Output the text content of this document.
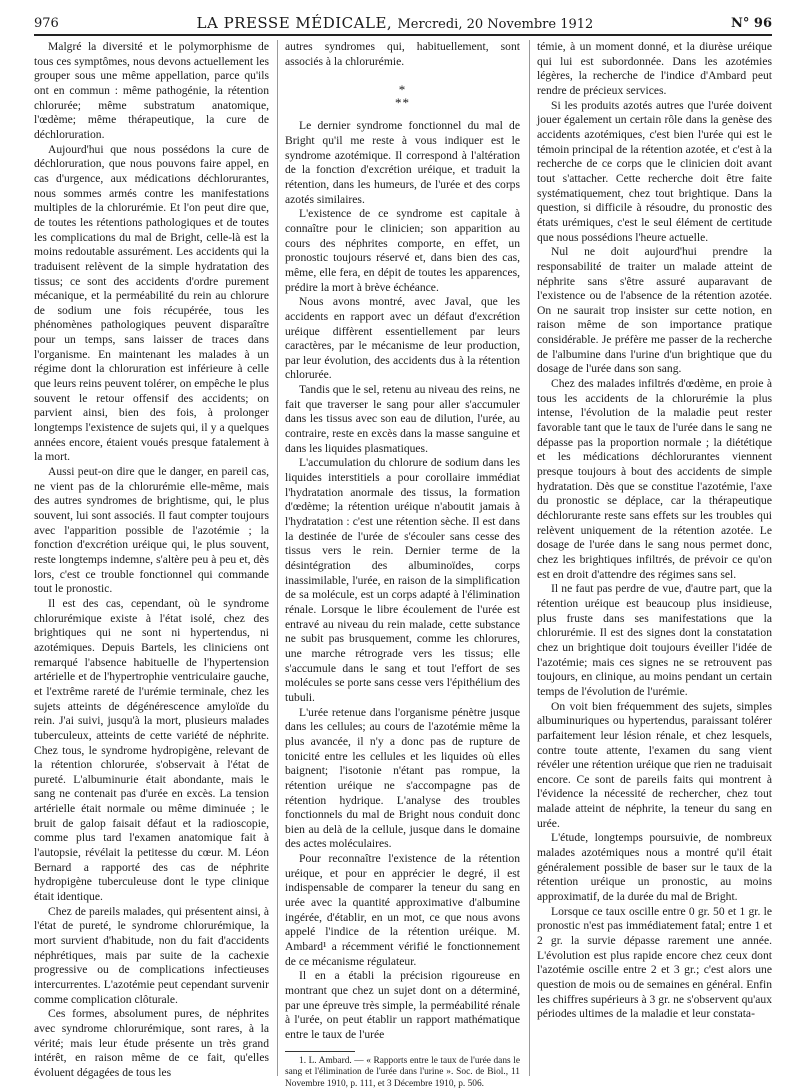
976	LA PRESSE MÉDICALE, Mercredi, 20 Novembre 1912	N° 96

Malgré la diversité et le polymorphisme de tous ces symptômes, nous devons actuellement les grouper sous une même appellation, parce qu'ils ont en commun : même pathogénie, la rétention chlorurée; même substratum anatomique, l'œdème; même thérapeutique, la cure de déchloruration.

Aujourd'hui que nous possédons la cure de déchloruration, que nous pouvons faire appel, en cas d'urgence, aux médications déchlorurantes, nous sommes armés contre les manifestations multiples de la chlorurémie. Et l'on peut dire que, de toutes les rétentions pathologiques et de toutes les complications du mal de Bright, celle-là est la moins redoutable assurément. Les accidents qui la traduisent relèvent de la simple hydratation des tissus; ce sont des accidents d'ordre purement mécanique, et la perméabilité du rein au chlorure de sodium une fois récupérée, tous les phénomènes pathologiques peuvent disparaître pour un temps, sans laisser de traces dans l'organisme. En maintenant les malades à un régime dont la chloruration est inférieure à celle que leurs reins peuvent tolérer, on empêche le plus souvent le retour offensif des accidents; on parvient ainsi, bien des fois, à prolonger longtemps l'existence de sujets qui, il y a quelques années encore, étaient voués presque fatalement à la mort.

Aussi peut-on dire que le danger, en pareil cas, ne vient pas de la chlorurémie elle-même, mais des autres syndromes de brightisme, qui, le plus souvent, lui sont associés. Il faut compter toujours avec l'apparition possible de l'azotémie ; la fonction d'excrétion uréique qui, le plus souvent, reste longtemps indemne, s'altère peu à peu et, dès lors, c'est ce trouble fonctionnel qui commande tout le pronostic.

Il est des cas, cependant, où le syndrome chlorurémique existe à l'état isolé, chez des brightiques qui ne sont ni hypertendus, ni azotémiques. Depuis Bartels, les cliniciens ont remarqué l'absence habituelle de l'hypertension artérielle et de l'hypertrophie ventriculaire gauche, et l'extrême rareté de l'urémie terminale, chez les sujets atteints de dégénérescence amyloïde du rein. J'ai suivi, jusqu'à la mort, plusieurs malades tuberculeux, atteints de cette variété de néphrite. Chez tous, le syndrome hydropigène, relevant de la rétention chlorurée, s'observait à l'état de pureté. L'albuminurie était abondante, mais le sang ne contenait pas d'urée en excès. La tension artérielle était normale ou même diminuée ; le bruit de galop faisait défaut et la radioscopie, comme plus tard l'examen anatomique fait à l'autopsie, révélait la petitesse du cœur. M. Léon Bernard a rapporté des cas de néphrite hydropigène tuberculeuse dont le type clinique était identique.

Chez de pareils malades, qui présentent ainsi, à l'état de pureté, le syndrome chlorurémique, la mort survient d'habitude, non du fait d'accidents néphrétiques, mais par suite de la cachexie progressive ou de complications infectieuses intercurrentes. L'azotémie peut cependant survenir comme complication clôturale.

Ces formes, absolument pures, de néphrites avec syndrome chlorurémique, sont rares, à la vérité; mais leur étude présente un très grand intérêt, en raison même de ce fait, qu'elles évoluent dégagées de tous les

autres syndromes qui, habituellement, sont associés à la chlorurémie.

*
**

Le dernier syndrome fonctionnel du mal de Bright qu'il me reste à vous indiquer est le syndrome azotémique. Il correspond à l'altération de la fonction d'excrétion uréique, et traduit la rétention, dans les humeurs, de l'urée et des corps azotés similaires.

L'existence de ce syndrome est capitale à connaître pour le clinicien; son apparition au cours des néphrites comporte, en effet, un pronostic toujours réservé et, dans bien des cas, même, elle fera, en dépit de toutes les apparences, prédire la mort à brève échéance.

Nous avons montré, avec Javal, que les accidents en rapport avec un défaut d'excrétion uréique diffèrent essentiellement par leurs caractères, par le mécanisme de leur production, par leur évolution, des accidents dus à la rétention chlorurée.

Tandis que le sel, retenu au niveau des reins, ne fait que traverser le sang pour aller s'accumuler dans les tissus avec son eau de dilution, l'urée, au contraire, reste en excès dans la masse sanguine et dans les liquides plasmatiques.

L'accumulation du chlorure de sodium dans les liquides interstitiels a pour corollaire immédiat l'hydratation anormale des tissus, la formation d'œdème; la rétention uréique n'aboutit jamais à l'hydratation : c'est une rétention sèche. Il est dans la destinée de l'urée de s'écouler sans cesse des tissus vers le rein. Dernier terme de la désintégration des albuminoïdes, corps inassimilable, l'urée, en raison de la simplification de sa molécule, est un corps adapté à l'élimination rénale. Lorsque le libre écoulement de l'urée est entravé au niveau du rein malade, cette substance ne subit pas brusquement, comme les chlorures, une marche rétrograde vers les tissus; elle s'accumule dans le sang et tout l'effort de ses molécules se porte sans cesse vers l'épithélium des tubuli.

L'urée retenue dans l'organisme pénètre jusque dans les cellules; au cours de l'azotémie même la plus avancée, il n'y a donc pas de rupture de tonicité entre les cellules et les liquides où elles baignent; l'isotonie n'étant pas rompue, la rétention uréique ne s'accompagne pas de rétention hydrique. L'analyse des troubles fonctionnels du mal de Bright nous conduit donc bien au delà de la cellule, jusque dans le domaine des actes moléculaires.

Pour reconnaître l'existence de la rétention uréique, et pour en apprécier le degré, il est indispensable de comparer la teneur du sang en urée avec la quantité approximative d'albumine ingérée, d'établir, en un mot, ce que nous avons appelé l'indice de la rétention uréique. M. Ambard¹ a récemment vérifié le fonctionnement de ce mécanisme régulateur.

Il en a établi la précision rigoureuse en montrant que chez un sujet dont on a déterminé, par une épreuve très simple, la perméabilité rénale à l'urée, on peut établir un rapport mathématique entre le taux de l'urée

1. L. Ambard. — « Rapports entre le taux de l'urée dans le sang et l'élimination de l'urée dans l'urine ». Soc. de Biol., 11 Novembre 1910, p. 111, et 3 Décembre 1910, p. 506.

témie, à un moment donné, et la diurèse uréique qui lui est subordonnée. Dans les azotémies légères, la recherche de l'indice d'Ambard peut rendre de précieux services.

Si les produits azotés autres que l'urée doivent jouer également un certain rôle dans la genèse des accidents azotémiques, c'est bien l'urée qui est le témoin principal de la rétention azotée, et c'est à la recherche de ce corps que le clinicien doit avant tout s'attacher. Cette recherche doit être faite systématiquement, chez tout brightique. Dans la question, si difficile à résoudre, du pronostic des états urémiques, c'est le seul élément de certitude que nous possédions l'heure actuelle.

Nul ne doit aujourd'hui prendre la responsabilité de traiter un malade atteint de néphrite sans s'être assuré auparavant de l'existence ou de l'absence de la rétention azotée. On ne saurait trop insister sur cette notion, en raison même de son importance pratique considérable. Je préfère me passer de la recherche de l'albumine dans l'urine d'un brightique que du dosage de l'urée dans son sang.

Chez des malades infiltrés d'œdème, en proie à tous les accidents de la chlorurémie la plus intense, l'évolution de la maladie peut rester favorable tant que le taux de l'urée dans le sang ne dépasse pas la proportion normale ; la diététique et les médications déchlorurantes viennent presque toujours à bout des accidents de simple hydratation. Dès que se constitue l'azotémie, l'axe du pronostic se déplace, car la thérapeutique déchlorurante reste sans effets sur les troubles qui relèvent uniquement de la rétention azotée. Le dosage de l'urée dans le sang nous permet donc, chez les brightiques infiltrés, de prévoir ce qu'on est en droit d'attendre des régimes sans sel.

Il ne faut pas perdre de vue, d'autre part, que la rétention uréique est beaucoup plus insidieuse, plus fruste dans ses manifestations que la chlorurémie. Il est des signes dont la constatation chez un brightique doit toujours éveiller l'idée de l'azotémie; mais ces signes ne se retrouvent pas toujours, en clinique, au moins pendant un certain temps de l'évolution de l'urémie.

On voit bien fréquemment des sujets, simples albuminuriques ou hypertendus, paraissant tolérer parfaitement leur lésion rénale, et chez lesquels, contre toute attente, l'examen du sang vient révéler une rétention uréique que rien ne traduisait encore. Ce sont de pareils faits qui montrent à l'évidence la nécessité de rechercher, chez tout malade atteint de néphrite, la teneur du sang en urée.

L'étude, longtemps poursuivie, de nombreux malades azotémiques nous a montré qu'il était généralement possible de baser sur le taux de la rétention uréique un pronostic, au moins approximatif, de la durée du mal de Bright.

Lorsque ce taux oscille entre 0 gr. 50 et 1 gr. le pronostic n'est pas immédiatement fatal; entre 1 et 2 gr. la survie dépasse rarement une année. L'évolution est plus rapide encore chez ceux dont l'azotémie oscille entre 2 et 3 gr.; c'est alors une question de mois ou de semaines en général. Enfin les chiffres supérieurs à 3 gr. ne s'observent qu'aux périodes ultimes de la maladie et leur constata-
